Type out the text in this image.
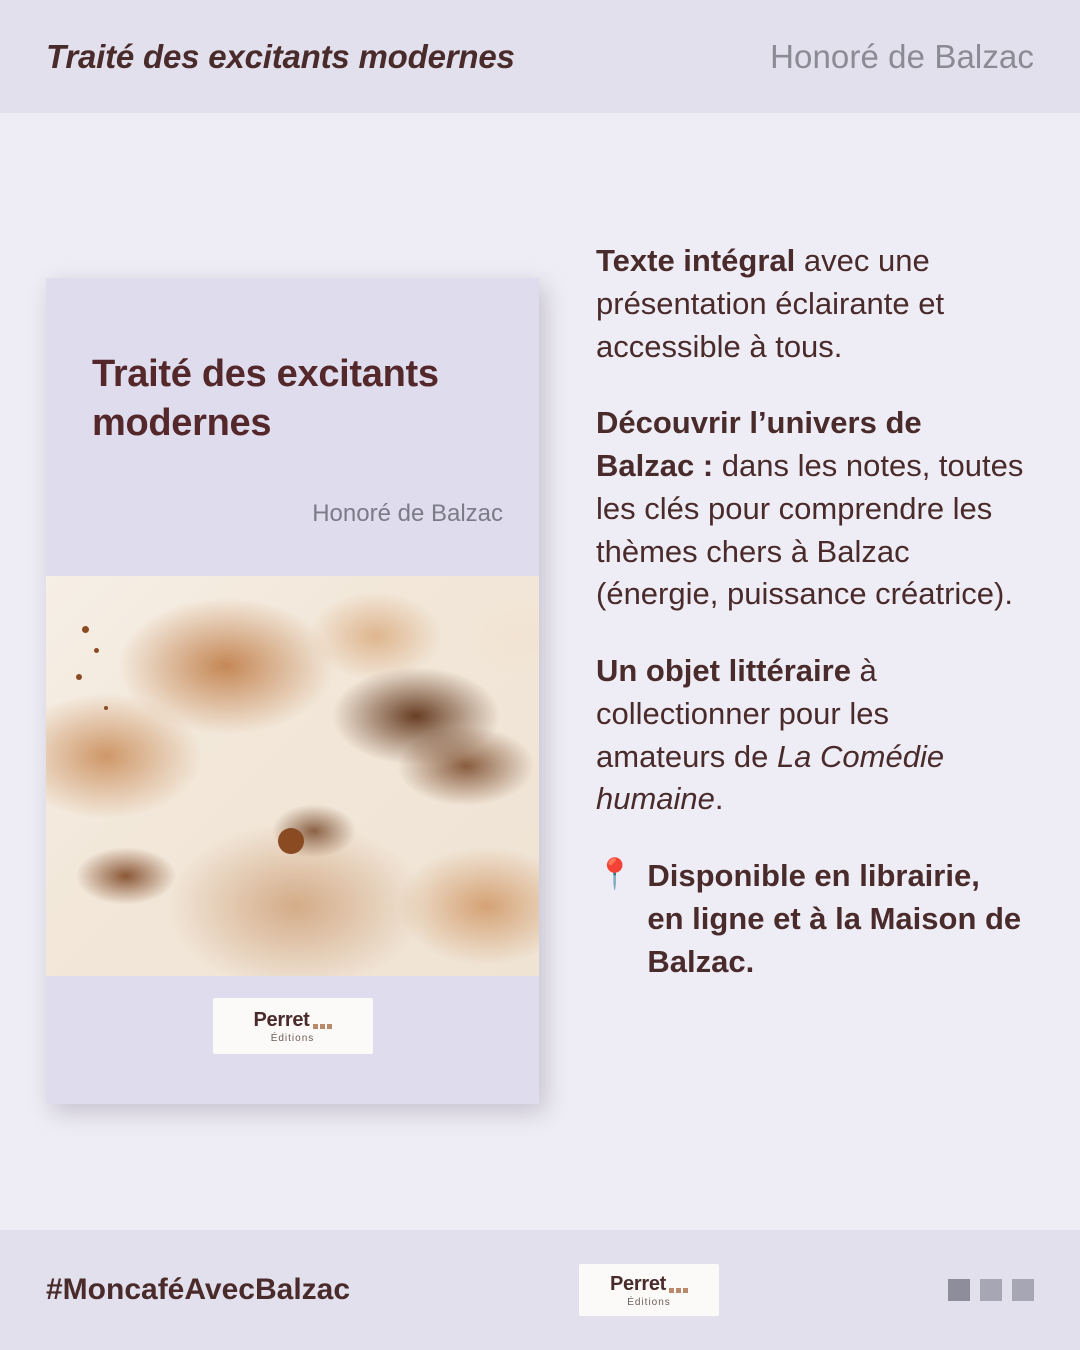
Traité des excitants modernes	Honoré de Balzac
Traité des excitants modernes
Honoré de Balzac
Perret
Éditions

Texte intégral avec une présentation éclairante et accessible à tous.

Découvrir l’univers de Balzac : dans les notes, toutes les clés pour comprendre les thèmes chers à Balzac (énergie, puissance créatrice).

Un objet littéraire à collectionner pour les amateurs de La Comédie humaine.

📍 Disponible en librairie, en ligne et à la Maison de Balzac.

#MoncaféAvecBalzac	Perret
Éditions
